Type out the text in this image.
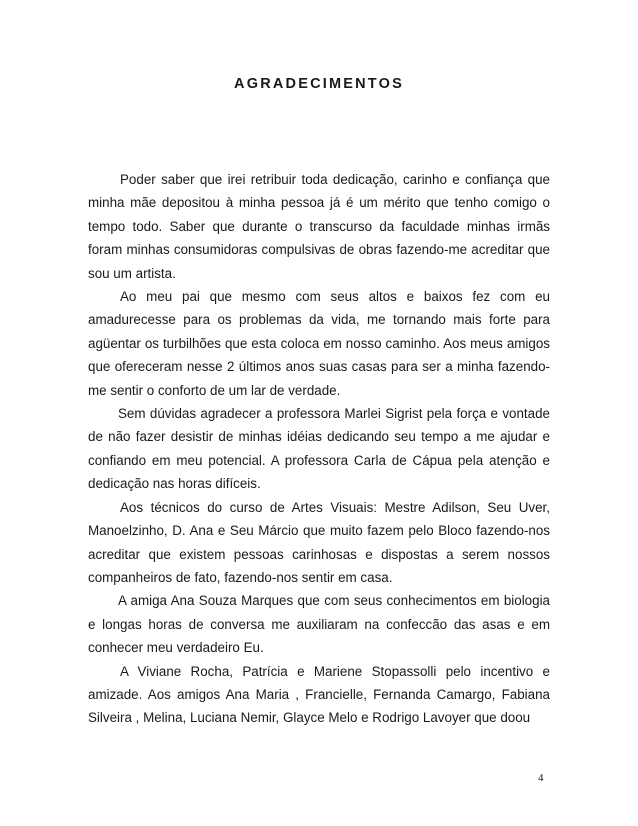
AGRADECIMENTOS

Poder saber que irei retribuir toda dedicação, carinho e confiança que minha mãe depositou à minha pessoa já é um mérito que tenho comigo o tempo todo. Saber que durante o transcurso da faculdade minhas irmãs foram minhas consumidoras compulsivas de obras fazendo-me acreditar que sou um artista.

Ao meu pai que mesmo com seus altos e baixos fez com eu amadurecesse para os problemas da vida, me tornando mais forte para agüentar os turbilhões que esta coloca em nosso caminho. Aos meus amigos que ofereceram nesse 2 últimos anos suas casas para ser a minha fazendo-me sentir o conforto de um lar de verdade.

Sem dúvidas agradecer a professora Marlei Sigrist pela força e vontade de não fazer desistir de minhas idéias dedicando seu tempo a me ajudar e confiando em meu potencial. A professora Carla de Cápua pela atenção e dedicação nas horas difíceis.

Aos técnicos do curso de Artes Visuais: Mestre Adilson, Seu Uver, Manoelzinho, D. Ana e Seu Márcio que muito fazem pelo Bloco fazendo-nos acreditar que existem pessoas carinhosas e dispostas a serem nossos companheiros de fato, fazendo-nos sentir em casa.

A amiga Ana Souza Marques que com seus conhecimentos em biologia e longas horas de conversa me auxiliaram na confeccão das asas e em conhecer meu verdadeiro Eu.

A Viviane Rocha, Patrícia e Mariene Stopassolli pelo incentivo e amizade. Aos amigos Ana Maria , Francielle, Fernanda Camargo, Fabiana Silveira , Melina, Luciana Nemir, Glayce Melo e Rodrigo Lavoyer que doou

4
